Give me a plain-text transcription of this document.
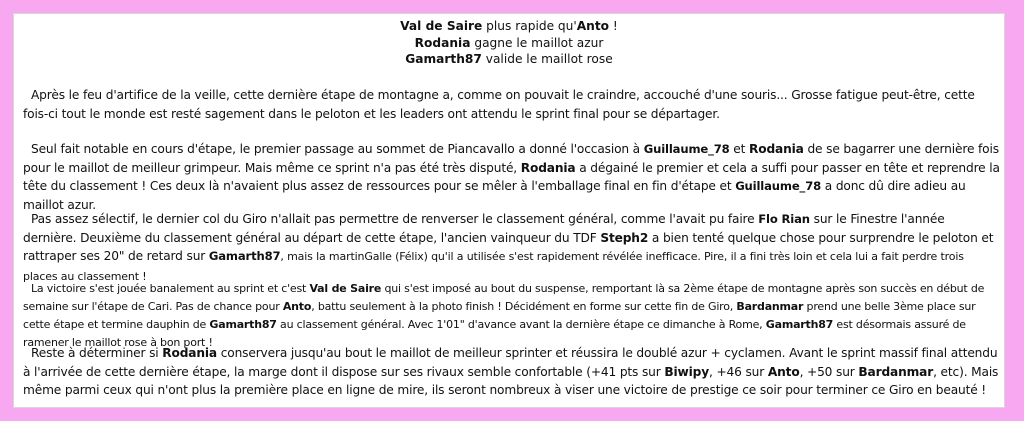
Val de Saire plus rapide qu'Anto !
Rodania gagne le maillot azur
Gamarth87 valide le maillot rose
Après le feu d'artifice de la veille, cette dernière étape de montagne a, comme on pouvait le craindre, accouché d'une souris... Grosse fatigue peut-être, cette fois-ci tout le monde est resté sagement dans le peloton et les leaders ont attendu le sprint final pour se départager.
Seul fait notable en cours d'étape, le premier passage au sommet de Piancavallo a donné l'occasion à Guillaume_78 et Rodania de se bagarrer une dernière fois pour le maillot de meilleur grimpeur. Mais même ce sprint n'a pas été très disputé, Rodania a dégainé le premier et cela a suffi pour passer en tête et reprendre la tête du classement ! Ces deux là n'avaient plus assez de ressources pour se mêler à l'emballage final en fin d'étape et Guillaume_78 a donc dû dire adieu au maillot azur.
Pas assez sélectif, le dernier col du Giro n'allait pas permettre de renverser le classement général, comme l'avait pu faire Flo Rian sur le Finestre l'année dernière. Deuxième du classement général au départ de cette étape, l'ancien vainqueur du TDF Steph2 a bien tenté quelque chose pour surprendre le peloton et rattraper ses 20" de retard sur Gamarth87, mais la martinGalle (Félix) qu'il a utilisée s'est rapidement révélée inefficace. Pire, il a fini très loin et cela lui a fait perdre trois places au classement !
La victoire s'est jouée banalement au sprint et c'est Val de Saire qui s'est imposé au bout du suspense, remportant là sa 2ème étape de montagne après son succès en début de semaine sur l'étape de Cari. Pas de chance pour Anto, battu seulement à la photo finish ! Décidément en forme sur cette fin de Giro, Bardanmar prend une belle 3ème place sur cette étape et termine dauphin de Gamarth87 au classement général. Avec 1'01" d'avance avant la dernière étape ce dimanche à Rome, Gamarth87 est désormais assuré de ramener le maillot rose à bon port !
Reste à déterminer si Rodania conservera jusqu'au bout le maillot de meilleur sprinter et réussira le doublé azur + cyclamen. Avant le sprint massif final attendu à l'arrivée de cette dernière étape, la marge dont il dispose sur ses rivaux semble confortable (+41 pts sur Biwipy, +46 sur Anto, +50 sur Bardanmar, etc). Mais même parmi ceux qui n'ont plus la première place en ligne de mire, ils seront nombreux à viser une victoire de prestige ce soir pour terminer ce Giro en beauté !
